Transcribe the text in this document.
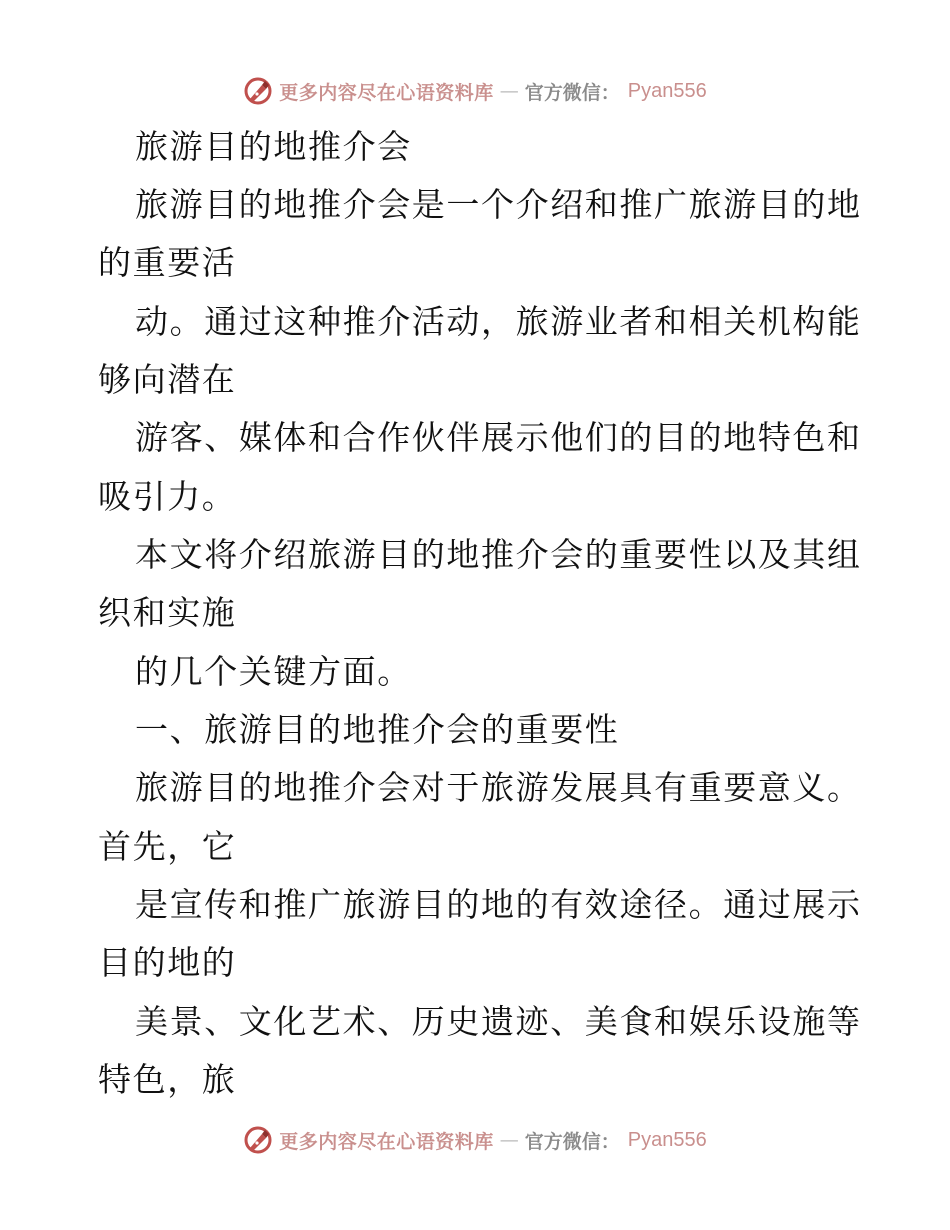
更多内容尽在心语资料库 — 官方微信： Pyan556
旅游目的地推介会
旅游目的地推介会是一个介绍和推广旅游目的地
的重要活
动。通过这种推介活动，旅游业者和相关机构能
够向潜在
游客、媒体和合作伙伴展示他们的目的地特色和
吸引力。
本文将介绍旅游目的地推介会的重要性以及其组
织和实施
的几个关键方面。
一、旅游目的地推介会的重要性
旅游目的地推介会对于旅游发展具有重要意义。
首先，它
是宣传和推广旅游目的地的有效途径。通过展示
目的地的
美景、文化艺术、历史遗迹、美食和娱乐设施等
特色，旅
更多内容尽在心语资料库 — 官方微信： Pyan556
